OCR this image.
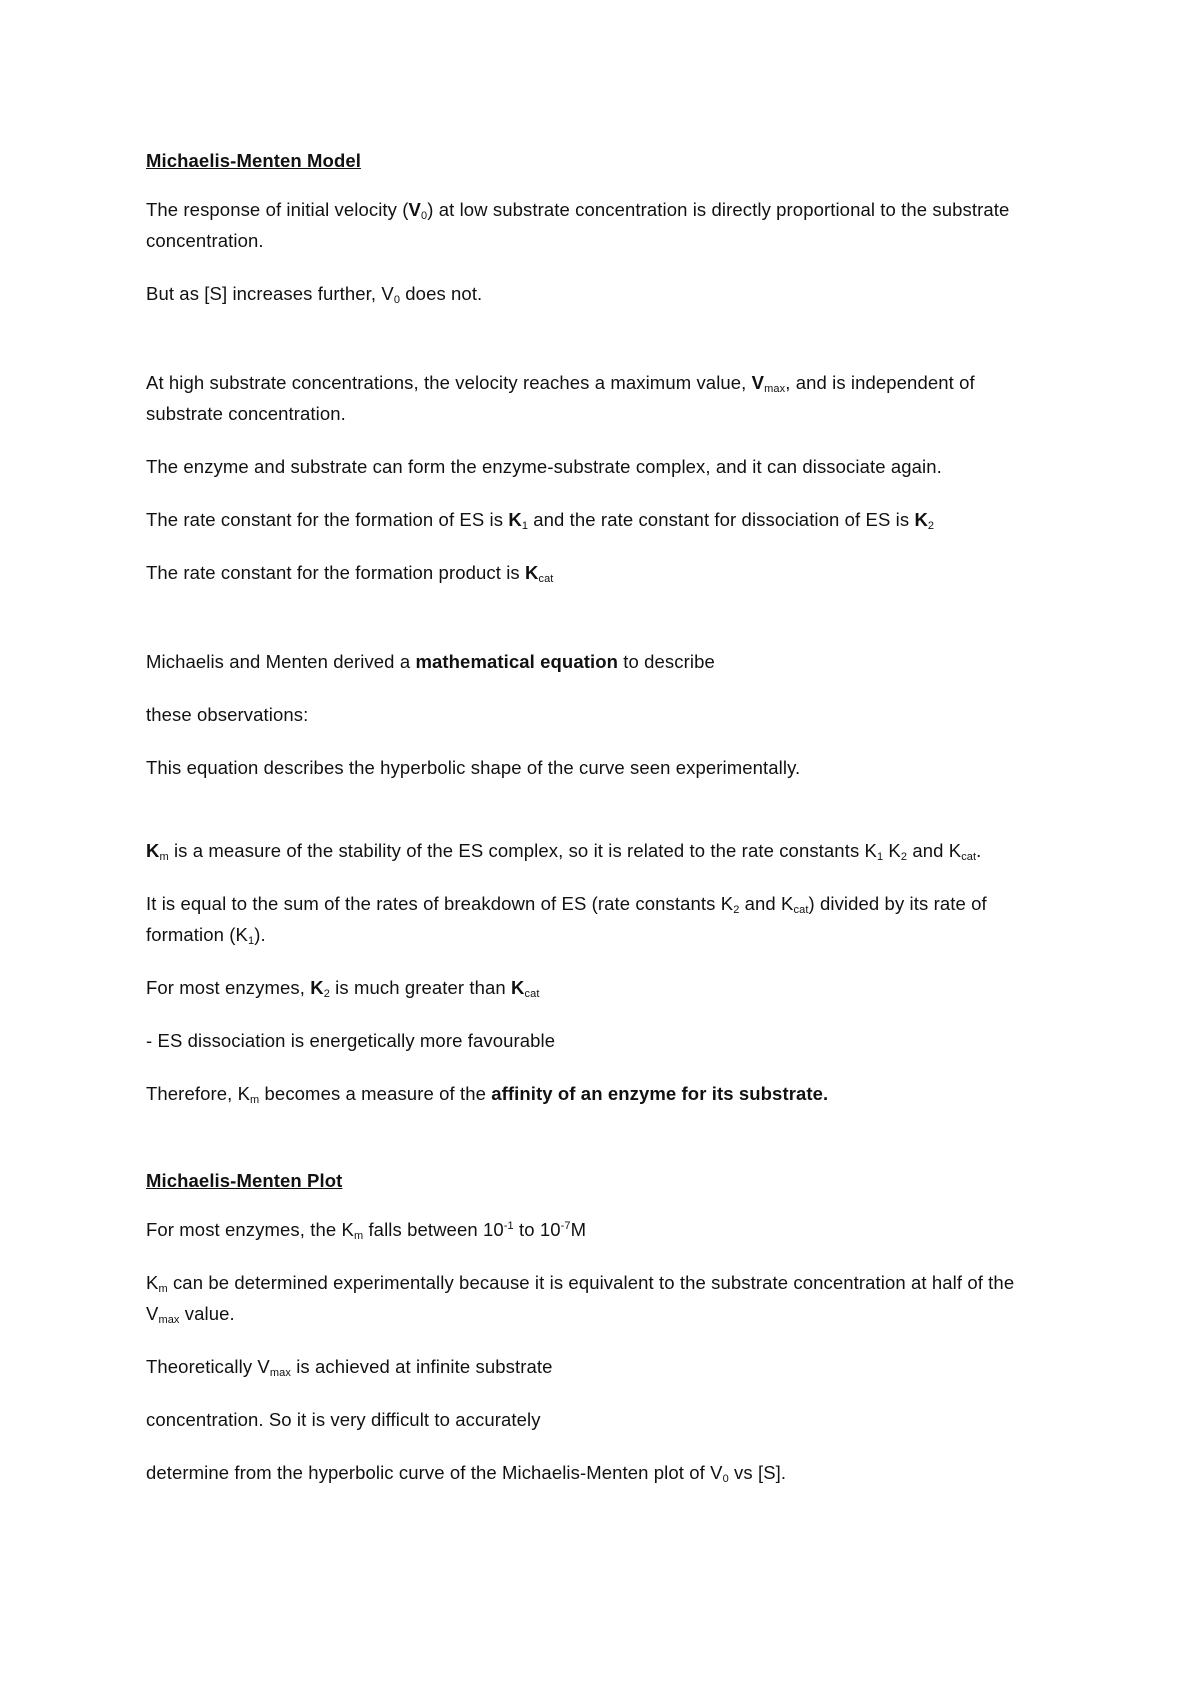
Michaelis-Menten Model

The response of initial velocity $(V_0)$ at low substrate concentration is directly proportional to the substrate concentration.

But as [S] increases further, $V_0$ does not.

At high substrate concentrations, the velocity reaches a maximum value, $V_{max}$, and is independent of substrate concentration.

The enzyme and substrate can form the enzyme-substrate complex, and it can dissociate again.

The rate constant for the formation of ES is $K_1$ and the rate constant for dissociation of ES is $K_2$

The rate constant for the formation product is $K_{cat}$

Michaelis and Menten derived a mathematical equation to describe

these observations:

This equation describes the hyperbolic shape of the curve seen experimentally.

$K_m$ is a measure of the stability of the ES complex, so it is related to the rate constants $K_1$ $K_2$ and $K_{cat}$.

It is equal to the sum of the rates of breakdown of ES (rate constants $K_2$ and $K_{cat}$) divided by its rate of formation $(K_1)$.

For most enzymes, $K_2$ is much greater than $K_{cat}$

- ES dissociation is energetically more favourable

Therefore, $K_m$ becomes a measure of the affinity of an enzyme for its substrate.

Michaelis-Menten Plot

For most enzymes, the $K_m$ falls between $10^{-1}$ to $10^{-7}M$

$K_m$ can be determined experimentally because it is equivalent to the substrate concentration at half of the $V_{max}$ value.

Theoretically $V_{max}$ is achieved at infinite substrate

concentration. So it is very difficult to accurately

determine from the hyperbolic curve of the Michaelis-Menten plot of $V_0$ vs [S].
